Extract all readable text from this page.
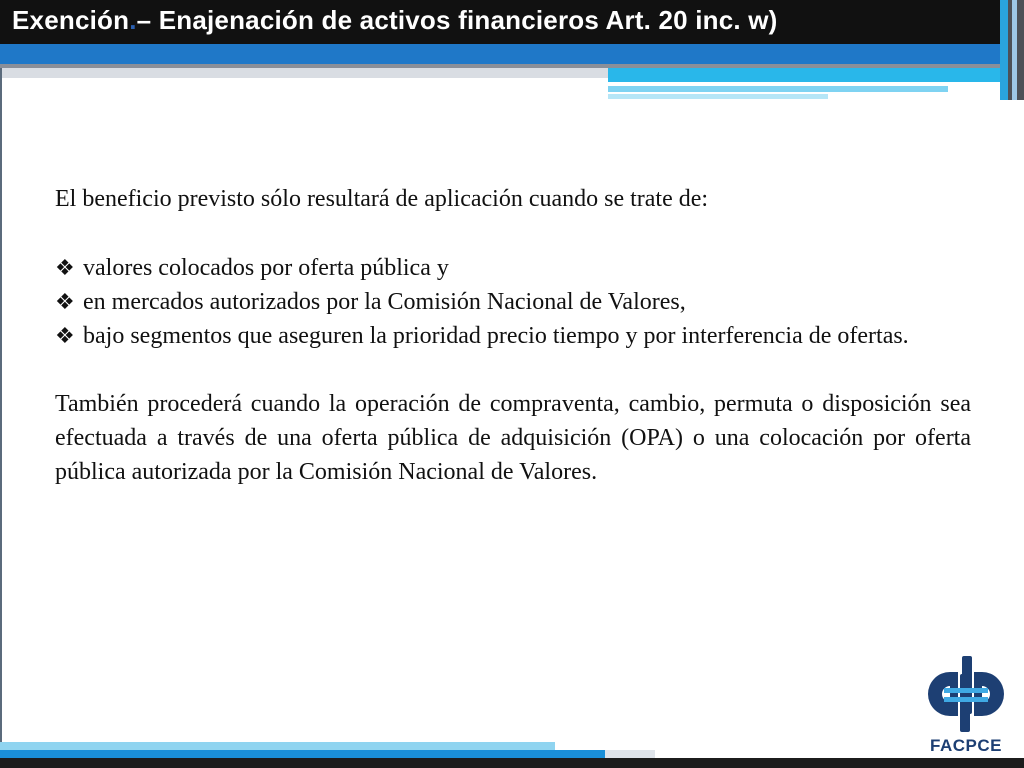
Exención.– Enajenación de activos financieros Art. 20 inc. w)

El beneficio previsto sólo resultará de aplicación cuando se trate de:

❖ valores colocados por oferta pública y
❖ en mercados autorizados por la Comisión Nacional de Valores,
❖ bajo segmentos que aseguren la prioridad precio tiempo y por interferencia de ofertas.

También procederá cuando la operación de compraventa, cambio, permuta o disposición sea efectuada a través de una oferta pública de adquisición (OPA) o una colocación por oferta pública autorizada por la Comisión Nacional de Valores.

FACPCE
